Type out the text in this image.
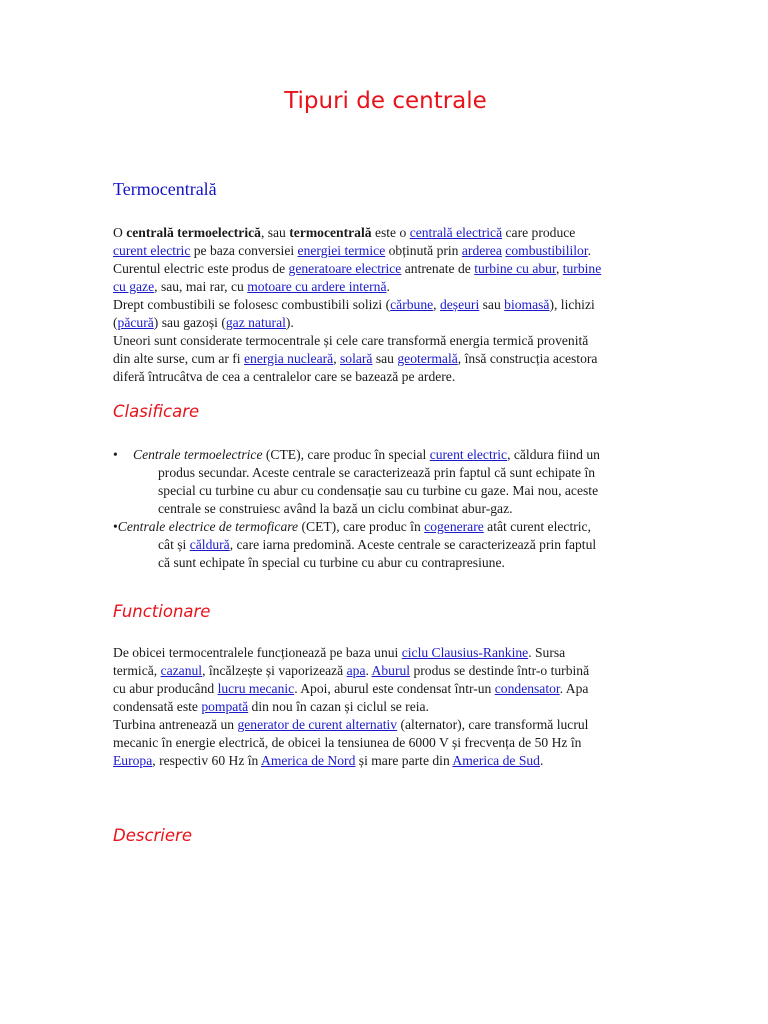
Tipuri de centrale
Termocentrală
O centrală termoelectrică, sau termocentrală este o centrală electrică care produce
curent electric pe baza conversiei energiei termice obținută prin arderea combustibililor.
Curentul electric este produs de generatoare electrice antrenate de turbine cu abur, turbine
cu gaze, sau, mai rar, cu motoare cu ardere internă.
Drept combustibili se folosesc combustibili solizi (cărbune, deșeuri sau biomasă), lichizi
(păcură) sau gazoși (gaz natural).
Uneori sunt considerate termocentrale și cele care transformă energia termică provenită
din alte surse, cum ar fi energia nucleară, solară sau geotermală, însă construcția acestora
diferă întrucâtva de cea a centralelor care se bazează pe ardere.
Clasificare
• Centrale termoelectrice (CTE), care produc în special curent electric, căldura fiind un
produs secundar. Aceste centrale se caracterizează prin faptul că sunt echipate în
special cu turbine cu abur cu condensație sau cu turbine cu gaze. Mai nou, aceste
centrale se construiesc având la bază un ciclu combinat abur-gaz.
•Centrale electrice de termoficare (CET), care produc în cogenerare atât curent electric,
cât și căldură, care iarna predomină. Aceste centrale se caracterizează prin faptul
că sunt echipate în special cu turbine cu abur cu contrapresiune.
Functionare
De obicei termocentralele funcționează pe baza unui ciclu Clausius-Rankine. Sursa
termică, cazanul, încălzește și vaporizează apa. Aburul produs se destinde într-o turbină
cu abur producând lucru mecanic. Apoi, aburul este condensat într-un condensator. Apa
condensată este pompată din nou în cazan și ciclul se reia.
Turbina antrenează un generator de curent alternativ (alternator), care transformă lucrul
mecanic în energie electrică, de obicei la tensiunea de 6000 V și frecvența de 50 Hz în
Europa, respectiv 60 Hz în America de Nord și mare parte din America de Sud.
Descriere
